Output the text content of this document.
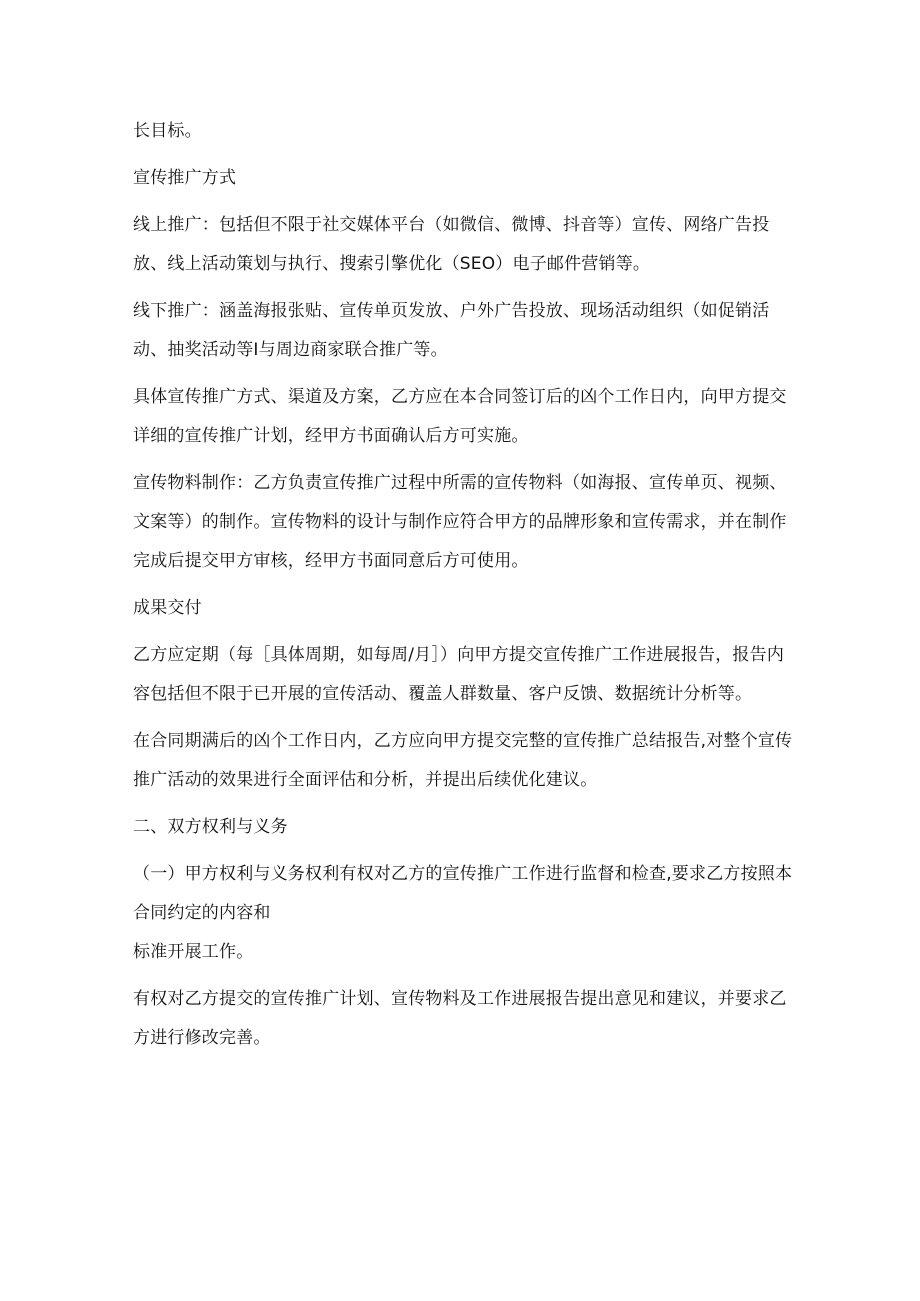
长目标。

宣传推广方式

线上推广：包括但不限于社交媒体平台（如微信、微博、抖音等）宣传、网络广告投放、线上活动策划与执行、搜索引擎优化（SEO）电子邮件营销等。

线下推广：涵盖海报张贴、宣传单页发放、户外广告投放、现场活动组织（如促销活动、抽奖活动等I与周边商家联合推广等。

具体宣传推广方式、渠道及方案，乙方应在本合同签订后的凶个工作日内，向甲方提交详细的宣传推广计划，经甲方书面确认后方可实施。

宣传物料制作：乙方负责宣传推广过程中所需的宣传物料（如海报、宣传单页、视频、文案等）的制作。宣传物料的设计与制作应符合甲方的品牌形象和宣传需求，并在制作完成后提交甲方审核，经甲方书面同意后方可使用。

成果交付

乙方应定期（每［具体周期，如每周/月］）向甲方提交宣传推广工作进展报告，报告内容包括但不限于已开展的宣传活动、覆盖人群数量、客户反馈、数据统计分析等。

在合同期满后的凶个工作日内，乙方应向甲方提交完整的宣传推广总结报告,对整个宣传推广活动的效果进行全面评估和分析，并提出后续优化建议。

二、双方权利与义务

（一）甲方权利与义务权利有权对乙方的宣传推广工作进行监督和检查,要求乙方按照本合同约定的内容和

标准开展工作。

有权对乙方提交的宣传推广计划、宣传物料及工作进展报告提出意见和建议，并要求乙方进行修改完善。
